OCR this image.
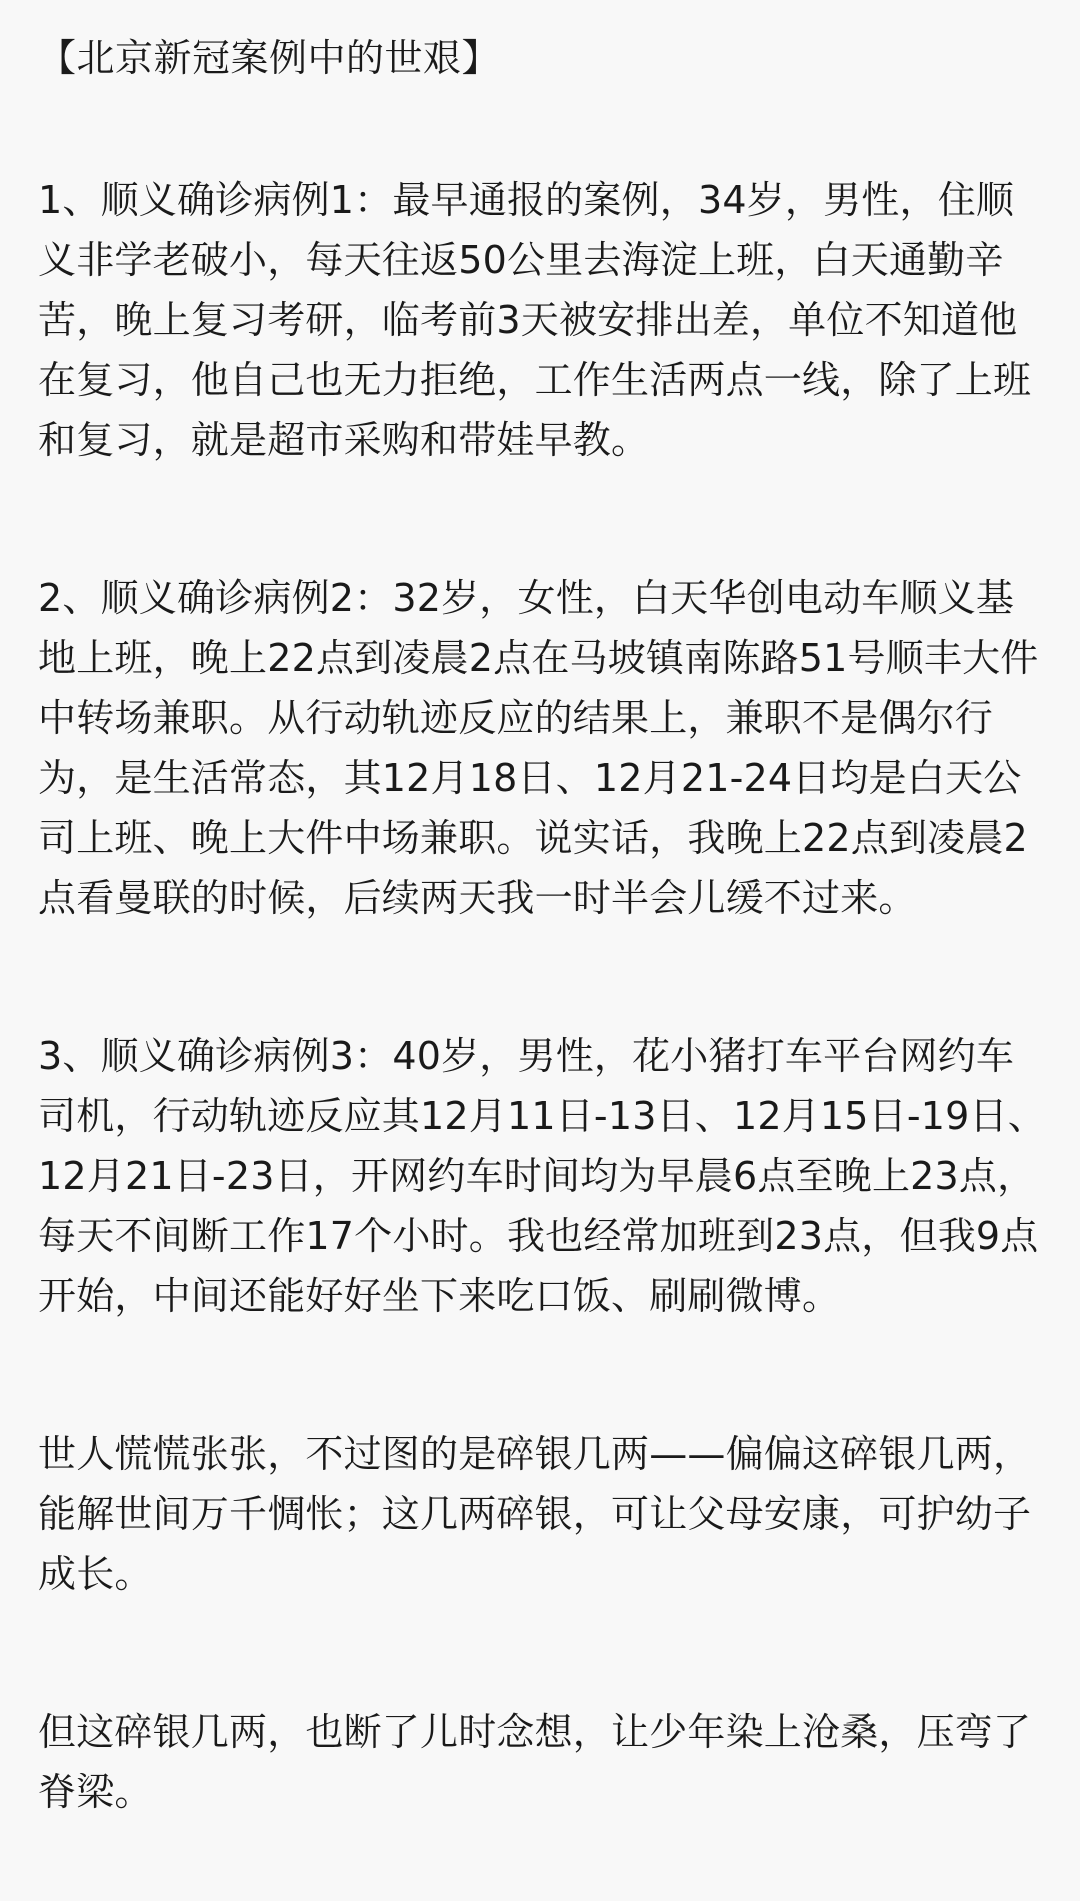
【北京新冠案例中的世艰】

1、顺义确诊病例1：最早通报的案例，34岁，男性，住顺义非学老破小，每天往返50公里去海淀上班，白天通勤辛苦，晚上复习考研，临考前3天被安排出差，单位不知道他在复习，他自己也无力拒绝，工作生活两点一线，除了上班和复习，就是超市采购和带娃早教。

2、顺义确诊病例2：32岁，女性，白天华创电动车顺义基地上班，晚上22点到凌晨2点在马坡镇南陈路51号顺丰大件中转场兼职。从行动轨迹反应的结果上，兼职不是偶尔行为，是生活常态，其12月18日、12月21-24日均是白天公司上班、晚上大件中场兼职。说实话，我晚上22点到凌晨2点看曼联的时候，后续两天我一时半会儿缓不过来。

3、顺义确诊病例3：40岁，男性，花小猪打车平台网约车司机，行动轨迹反应其12月11日-13日、12月15日-19日、12月21日-23日，开网约车时间均为早晨6点至晚上23点，每天不间断工作17个小时。我也经常加班到23点，但我9点开始，中间还能好好坐下来吃口饭、刷刷微博。

世人慌慌张张，不过图的是碎银几两——偏偏这碎银几两，能解世间万千惆怅；这几两碎银，可让父母安康，可护幼子成长。

但这碎银几两，也断了儿时念想，让少年染上沧桑，压弯了脊梁。
